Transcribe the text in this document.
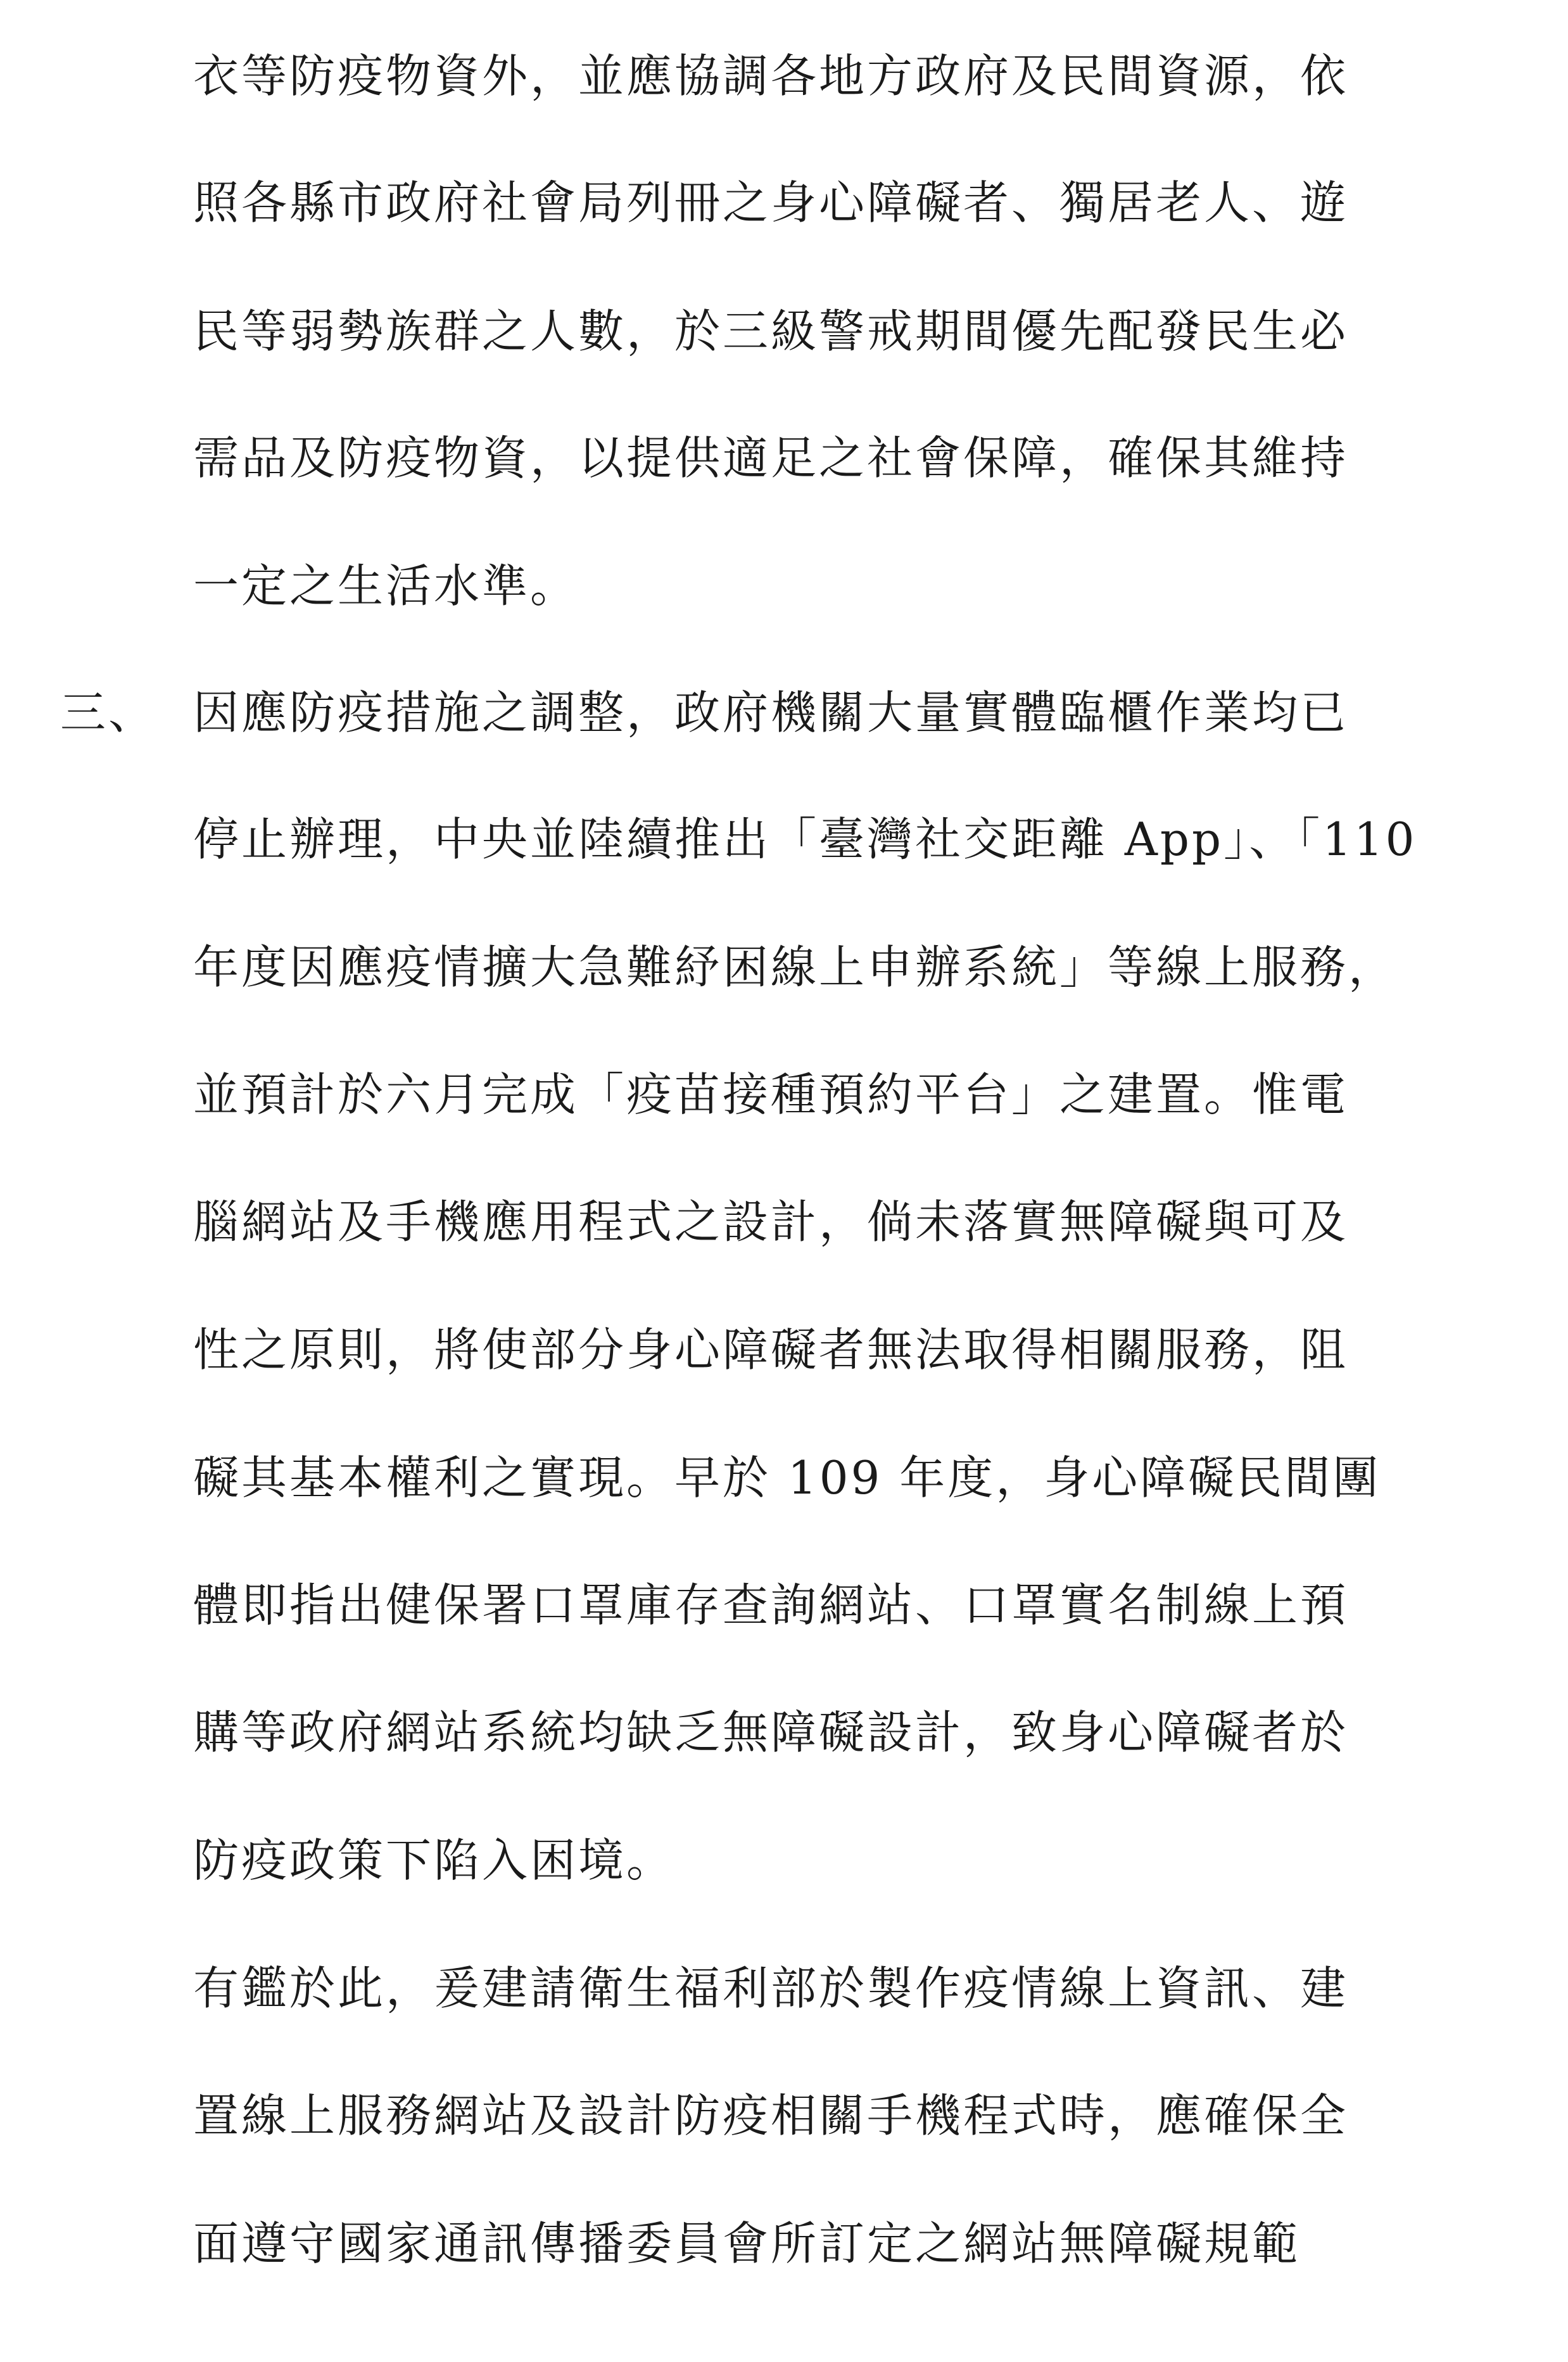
衣等防疫物資外，並應協調各地方政府及民間資源，依
照各縣市政府社會局列冊之身心障礙者、獨居老人、遊
民等弱勢族群之人數，於三級警戒期間優先配發民生必
需品及防疫物資，以提供適足之社會保障，確保其維持
一定之生活水準。
三、 因應防疫措施之調整，政府機關大量實體臨櫃作業均已
停止辦理，中央並陸續推出「臺灣社交距離 App」、「110
年度因應疫情擴大急難紓困線上申辦系統」等線上服務，
並預計於六月完成「疫苗接種預約平台」之建置。惟電
腦網站及手機應用程式之設計，倘未落實無障礙與可及
性之原則，將使部分身心障礙者無法取得相關服務，阻
礙其基本權利之實現。早於 109 年度，身心障礙民間團
體即指出健保署口罩庫存查詢網站、口罩實名制線上預
購等政府網站系統均缺乏無障礙設計，致身心障礙者於
防疫政策下陷入困境。
有鑑於此，爰建請衛生福利部於製作疫情線上資訊、建
置線上服務網站及設計防疫相關手機程式時，應確保全
面遵守國家通訊傳播委員會所訂定之網站無障礙規範
